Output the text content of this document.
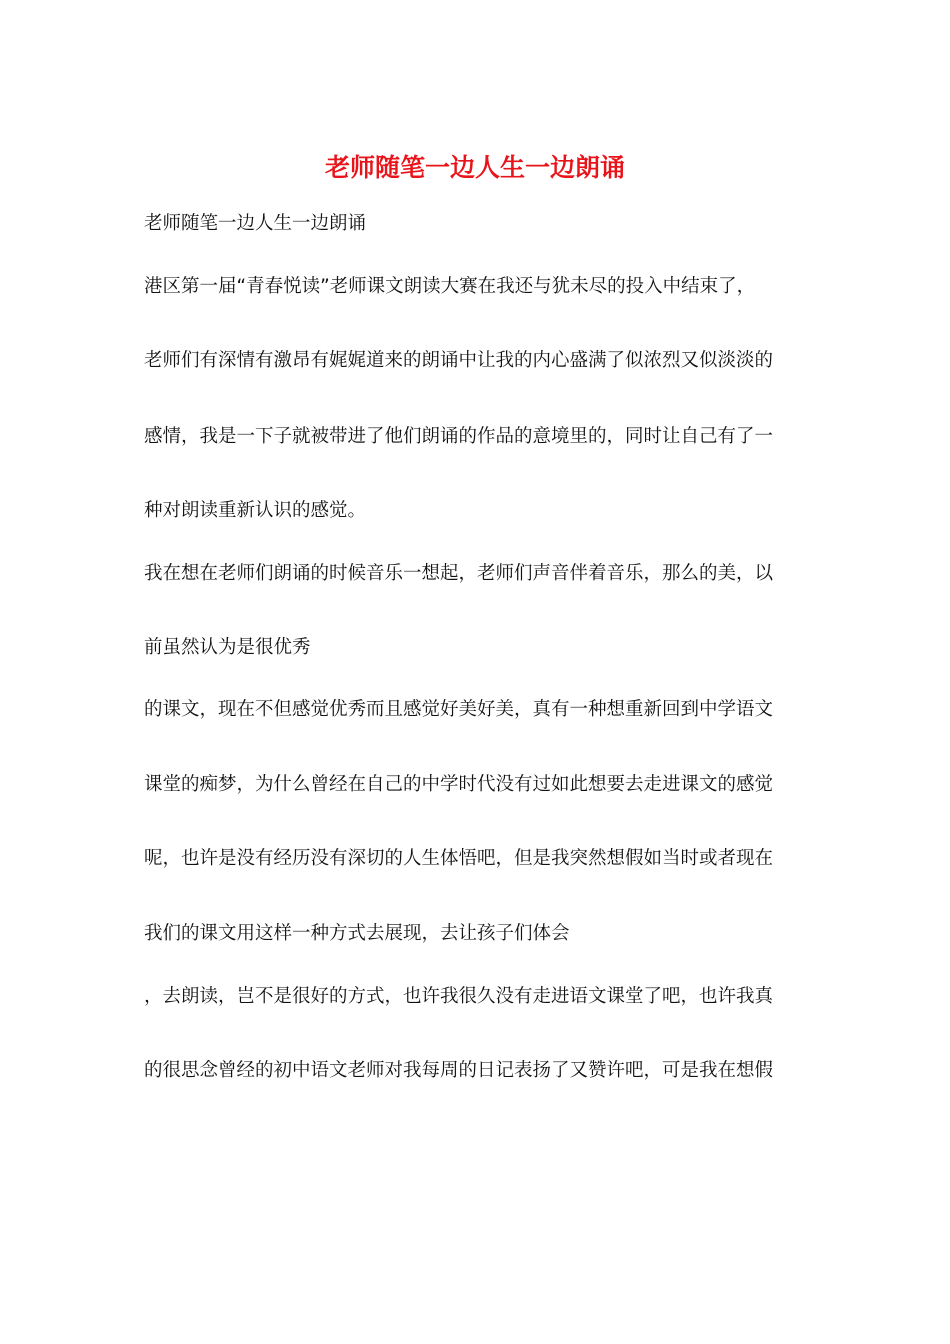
老师随笔一边人生一边朗诵
老师随笔一边人生一边朗诵
港区第一届“青春悦读”老师课文朗读大赛在我还与犹未尽的投入中结束了，
老师们有深情有激昂有娓娓道来的朗诵中让我的内心盛满了似浓烈又似淡淡的
感情，我是一下子就被带进了他们朗诵的作品的意境里的，同时让自己有了一
种对朗读重新认识的感觉。
我在想在老师们朗诵的时候音乐一想起，老师们声音伴着音乐，那么的美，以
前虽然认为是很优秀
的课文，现在不但感觉优秀而且感觉好美好美，真有一种想重新回到中学语文
课堂的痴梦，为什么曾经在自己的中学时代没有过如此想要去走进课文的感觉
呢，也许是没有经历没有深切的人生体悟吧，但是我突然想假如当时或者现在
我们的课文用这样一种方式去展现，去让孩子们体会
，去朗读，岂不是很好的方式，也许我很久没有走进语文课堂了吧，也许我真
的很思念曾经的初中语文老师对我每周的日记表扬了又赞许吧，可是我在想假
